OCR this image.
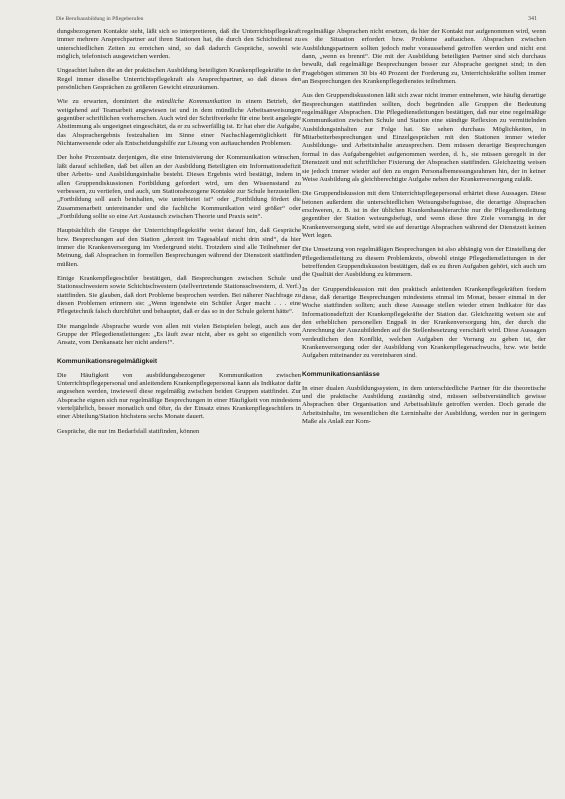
Die Berufsausbildung in Pflegeberufen	341

dungsbezogenen Kontakte steht, läßt sich so interpretieren, daß die Unterrichtspflegekraft immer mehrere Ansprechpartner auf ihren Stationen hat, die durch den Schichtdienst zu unterschiedlichen Zeiten zu erreichen sind, so daß dadurch Gespräche, sowohl wie möglich, telefonisch ausgewichen werden.

Ungeachtet haben die an der praktischen Ausbildung beteiligten Krankenpflegekräfte in der Regel immer dieselbe Unterrichtspflegekraft als Ansprechpartner, so daß dieses den persönlichen Gesprächen zu größeren Gewicht einzuräumen.

Wie zu erwarten, dominiert die mündliche Kommunikation in einem Betrieb, der weitgehend auf Teamarbeit angewiesen ist und in dem mündliche Arbeitsanweisungen gegenüber schriftlichen vorherrschen. Auch wird der Schriftverkehr für eine breit angelegte Abstimmung als ungeeignet eingeschätzt, da er zu schwerfällig ist. Er hat eher die Aufgabe, das Absprachergebnis festzuhalten im Sinne einer Nachschlagemöglichkeit für Nichtanwesende oder als Entscheidungshilfe zur Lösung von auftauchenden Problemen.

Der hohe Prozentsatz derjenigen, die eine Intensivierung der Kommunikation wünschen, läßt darauf schließen, daß bei allen an der Ausbildung Beteiligten ein Informationsdefizit über Arbeits- und Ausbildungsinhalte besteht. Dieses Ergebnis wird bestätigt, indem in allen Gruppendiskussionen Fortbildung gefordert wird, um den Wissensstand zu verbessern, zu vertiefen, und auch, um Stationsbezogene Kontakte zur Schule herzustellen. „Fortbildung soll auch beinhalten, wie unterbietet ist“ oder „Fortbildung fördert die Zusammenarbeit untereinander und die fachliche Kommunikation wird größer“ oder „Fortbildung sollte so eine Art Austausch zwischen Theorie und Praxis sein“.

Hauptsächlich die Gruppe der Unterrichtspflegekräfte weist darauf hin, daß Gespräche bzw. Besprechungen auf den Station „derzeit im Tagesablauf nicht drin sind“, da hier immer die Krankenversorgung im Vordergrund steht. Trotzdem sind alle Teilnehmer der Meinung, daß Absprachen in formellen Besprechungen während der Dienstzeit stattfinden müßten.

Einige Krankenpflegeschüler bestätigen, daß Besprechungen zwischen Schule und Stationsschwestern sowie Schichtschwestern (stellvertretende Stationsschwestern, d. Verf.) stattfinden. Sie glauben, daß dort Probleme besprochen werden. Bei näherer Nachfrage zu diesen Problemen erinnern sie: „Wenn irgendwie ein Schüler Ärger macht . . . eine Pflegetechnik falsch durchführt und behauptet, daß er das so in der Schule gelernt hätte“.

Die mangelnde Absprache wurde von allen mit vielen Beispielen belegt, auch aus der Gruppe der Pflegedienstleitungen: „Es läuft zwar nicht, aber es geht so eigentlich vom Ansatz, vom Denkansatz her nicht anders!“.

Kommunikationsregelmäßigkeit

Die Häufigkeit von ausbildungsbezogener Kommunikation zwischen Unterrichtspflegepersonal und anleitendem Krankenpflegepersonal kann als Indikator dafür angesehen werden, inwieweil diese regelmäßig zwischen beiden Gruppen stattfindet. Zur Absprache eignen sich nur regelmäßige Besprechungen in einer Häufigkeit von mindestens vierteljährlich, besser monatlich und öfter, da der Einsatz eines Krankenpflegeschülers in einer Abteilung/Station höchstens sechs Monate dauert.

Gespräche, die nur im Bedarfsfall stattfinden, können

regelmäßige Absprachen nicht ersetzen, da hier der Kontakt nur aufgenommen wird, wenn es die Situation erfordert bzw. Probleme auftauchen. Absprachen zwischen Ausbildungspartnern sollten jedoch mehr voraussehend getroffen werden und nicht erst dann, „wenn es brennt“. Die mit der Ausbildung beteiligten Partner sind sich durchaus bewußt, daß regelmäßige Besprechungen besser zur Absprache geeignet sind; in den Fragebögen stimmen 30 bis 40 Prozent der Forderung zu, Unterrichtskräfte sollten immer an Besprechungen des Krankenpflegedienstes teilnehmen.

Aus den Gruppendiskussionen läßt sich zwar nicht immer entnehmen, wie häufig derartige Besprechungen stattfinden sollten, doch begründen alle Gruppen die Bedeutung regelmäßiger Absprachen. Die Pflegedienstleitungen bestätigen, daß nur eine regelmäßige Kommunikation zwischen Schule und Station eine ständige Reflexion zu vermittelnden Ausbildungsinhalten zur Folge hat. Sie sehen durchaus Möglichkeiten, in Mitarbeiterbesprechungen und Einzelgesprächen mit den Stationen immer wieder Ausbildungs- und Arbeitsinhalte anzusprechen. Dem müssen derartige Besprechungen formal in das Aufgabengebiet aufgenommen werden, d. h., sie müssen geregelt in der Dienstzeit und mit schriftlicher Fixierung der Absprachen stattfinden. Gleichzeitig weisen sie jedoch immer wieder auf den zu engen Personalbemessungsrahmen hin, der in keiner Weise Ausbildung als gleichberechtigte Aufgabe neben der Krankenversorgung zuläßt.

Die Gruppendiskussion mit dem Unterrichtspflegepersonal erhärtet diese Aussagen. Diese betonen außerdem die unterschiedlichen Weisungsbefugnisse, die derartige Absprachen erschweren, z. B. ist in der üblichen Krankenhaushierarchie nur die Pflegedienstleitung gegenüber der Station weisungsbefugt, und wenn diese ihre Ziele vorrangig in der Krankenversorgung sieht, wird sie auf derartige Absprachen während der Dienstzeit keinen Wert legen.

Die Umsetzung von regelmäßigen Besprechungen ist also abhängig von der Einstellung der Pflegedienstleitung zu diesem Problemkreis, obwohl einige Pflegedienstleitungen in der betreffenden Gruppendiskussion bestätigen, daß es zu ihren Aufgaben gehört, sich auch um die Qualität der Ausbildung zu kümmern.

In der Gruppendiskussion mit den praktisch anleitenden Krankenpflegekräften fordern diese, daß derartige Besprechungen mindestens einmal im Monat, besser einmal in der Woche stattfinden sollten; auch diese Aussage stellen wieder einen Indikator für das Informationsdefizit der Krankenpflegekräfte der Station dar. Gleichzeitig weisen sie auf den erheblichen personellen Engpaß in der Krankenversorgung hin, der durch die Anrechnung der Auszubildenden auf die Stellenbesetzung verschärft wird. Diese Aussagen verdeutlichen den Konflikt, welchen Aufgaben der Vorrang zu geben ist, der Krankenversorgung oder der Ausbildung von Krankenpflegenachwuchs, bzw. wie beide Aufgaben miteinander zu vereinbaren sind.

Kommunikationsanlässe

In einer dualen Ausbildungssystem, in dem unterschiedliche Partner für die theoretische und die praktische Ausbildung zuständig sind, müssen selbstverständlich gewisse Absprachen über Organisation und Arbeitsabläufe getroffen werden. Doch gerade die Arbeitsinhalte, im wesentlichen die Lerninhalte der Ausbildung, werden nur in geringem Maße als Anlaß zur Kom-
